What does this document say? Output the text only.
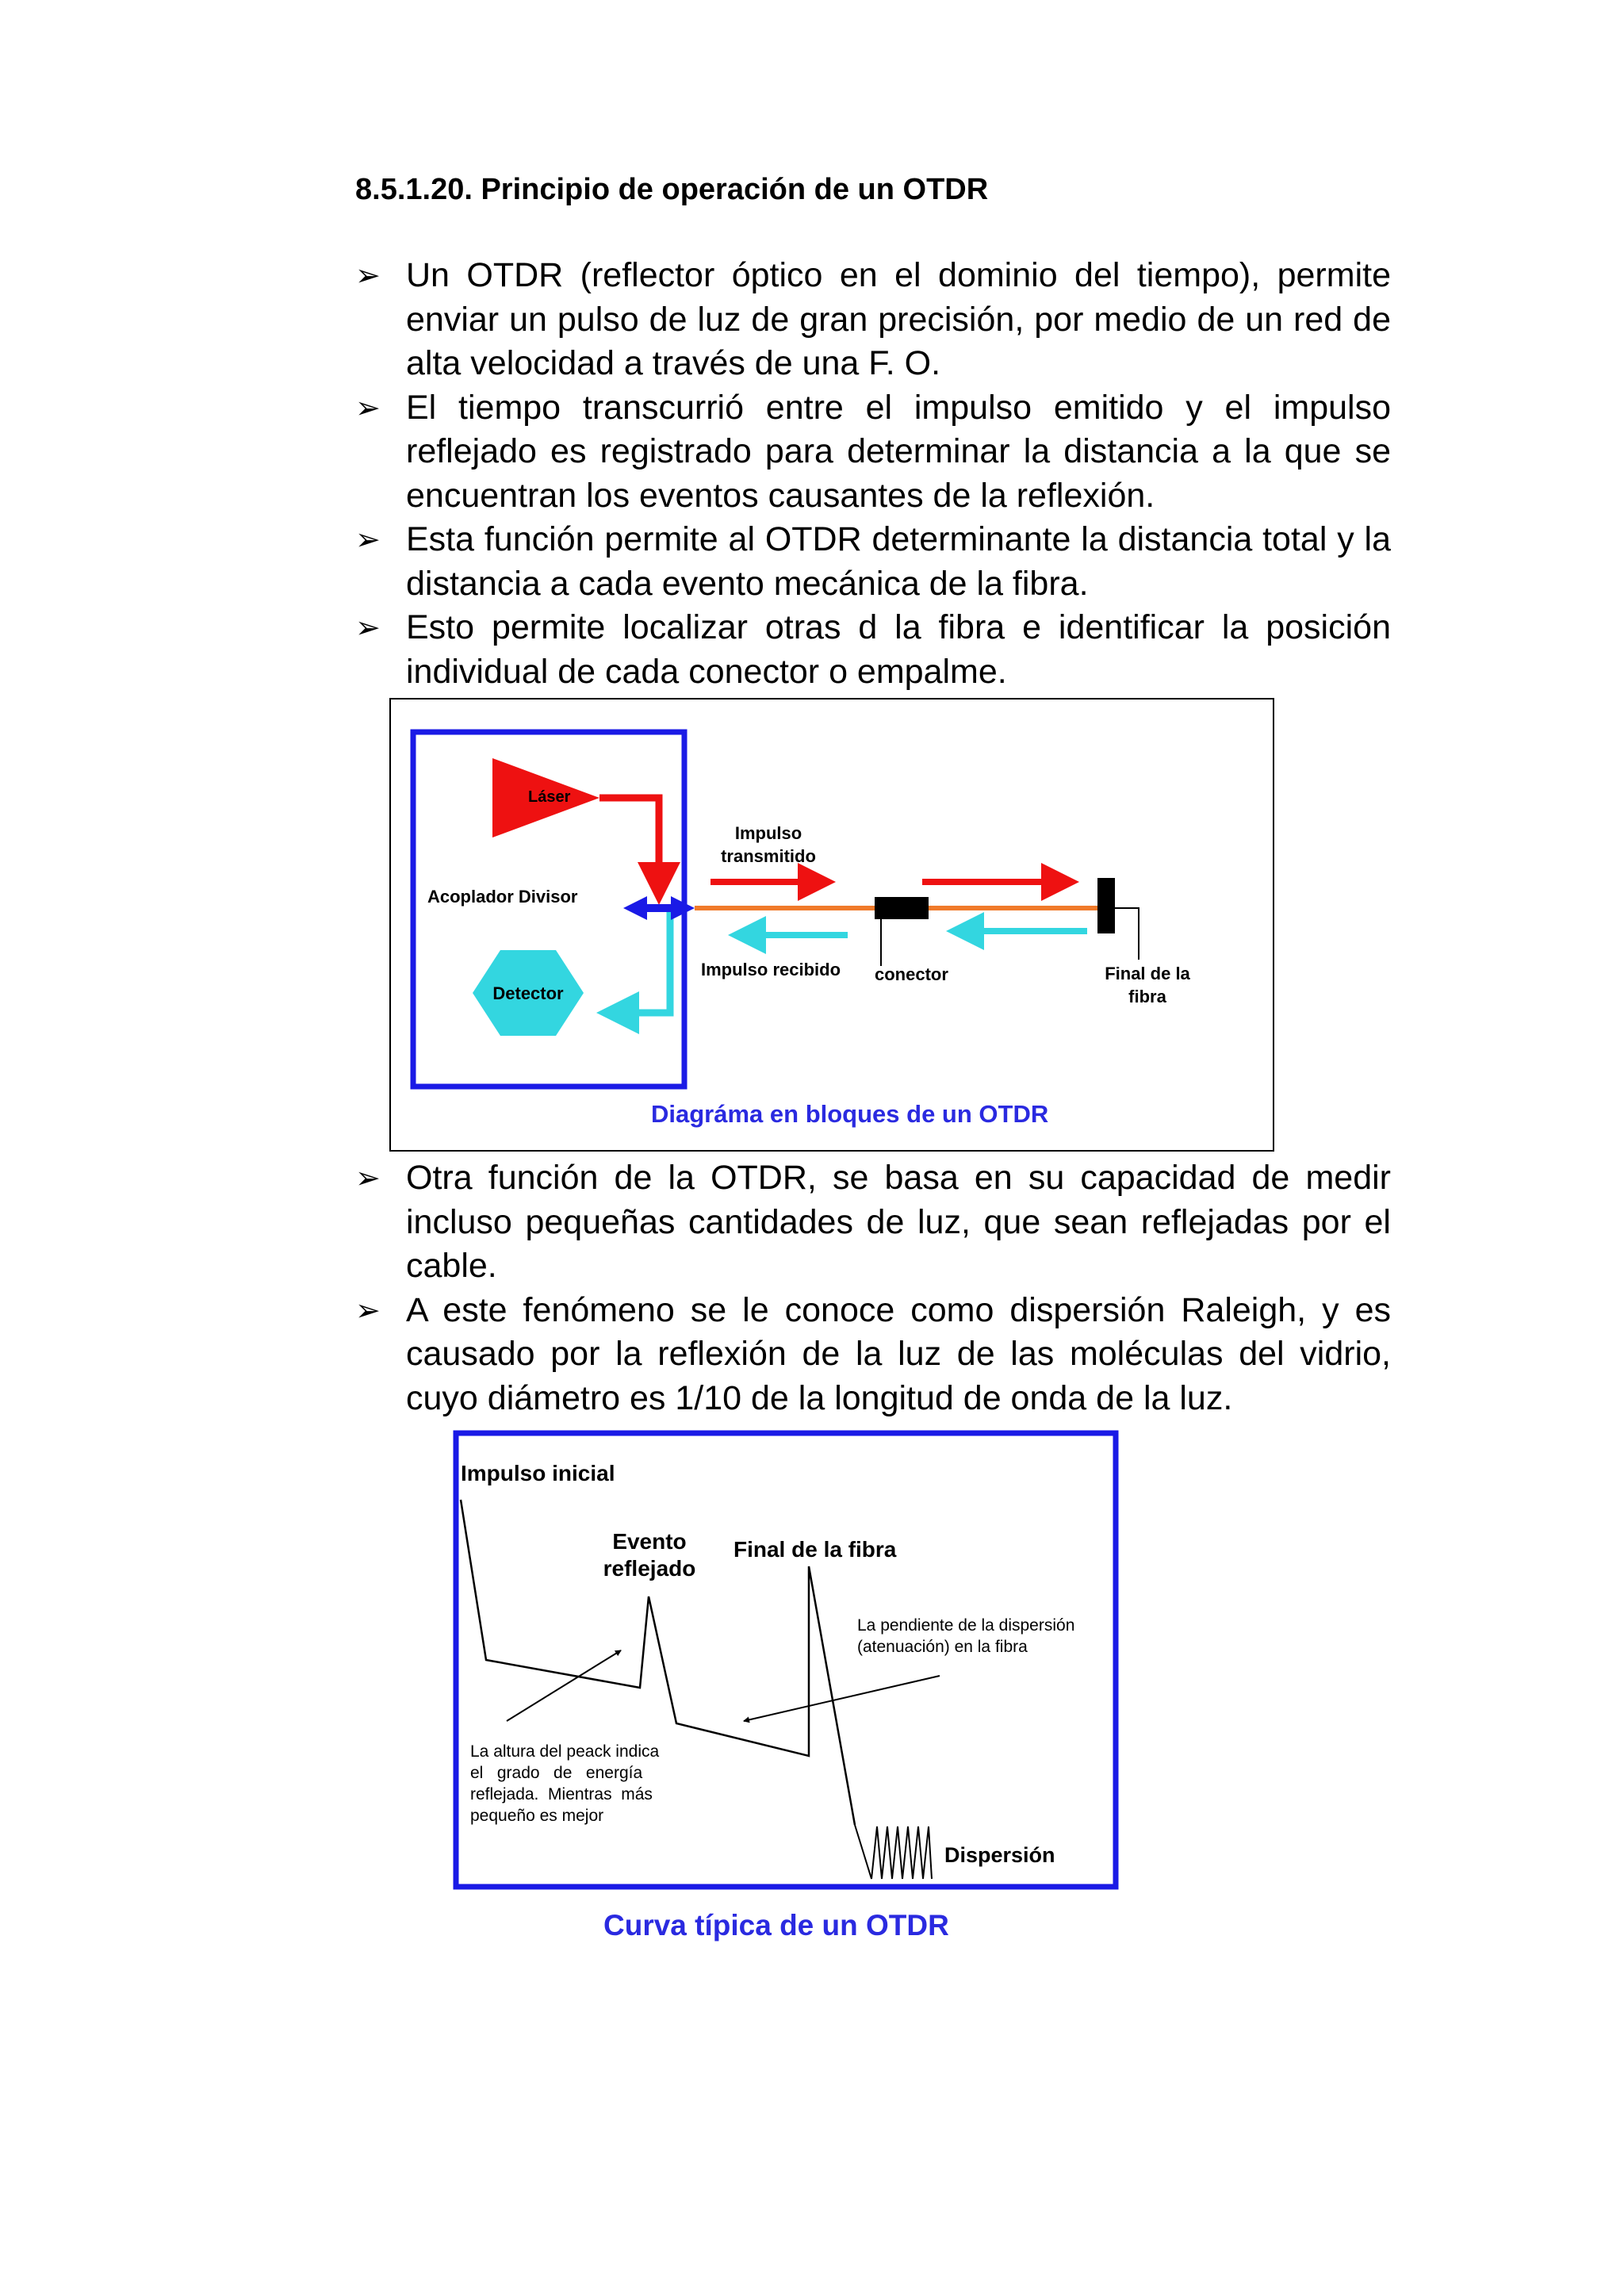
8.5.1.20. Principio de operación de un OTDR
➢ Un OTDR (reflector óptico en el dominio del tiempo), permite enviar un pulso de luz de gran precisión, por medio de un red de alta velocidad a través de una F. O.
➢ El tiempo transcurrió entre el impulso emitido y el impulso reflejado es registrado para determinar la distancia a la que se encuentran los eventos causantes de la reflexión.
➢ Esta función permite al OTDR determinante la distancia total y la distancia a cada evento mecánica de la fibra.
➢ Esto permite localizar otras d la fibra e identificar la posición individual de cada conector o empalme.
Láser
Detector
Acoplador Divisor
conector	Final de la
fibra
Impulso
transmitido
Impulso recibido
Diagráma en bloques de un OTDR
➢ Otra función de la OTDR, se basa en su capacidad de medir incluso pequeñas cantidades de luz, que sean reflejadas por el cable.
➢ A este fenómeno se le conoce como dispersión Raleigh, y es causado por la reflexión de la luz de las moléculas del vidrio, cuyo diámetro es 1/10 de la longitud de onda de la luz.
Impulso inicial
Evento
reflejado
Final de la fibra
La pendiente de la dispersión
(atenuación) en la fibra
La altura del peack indica
el   grado   de   energía
reflejada.  Mientras  más
pequeño es mejor
Dispersión
Curva típica de un OTDR
